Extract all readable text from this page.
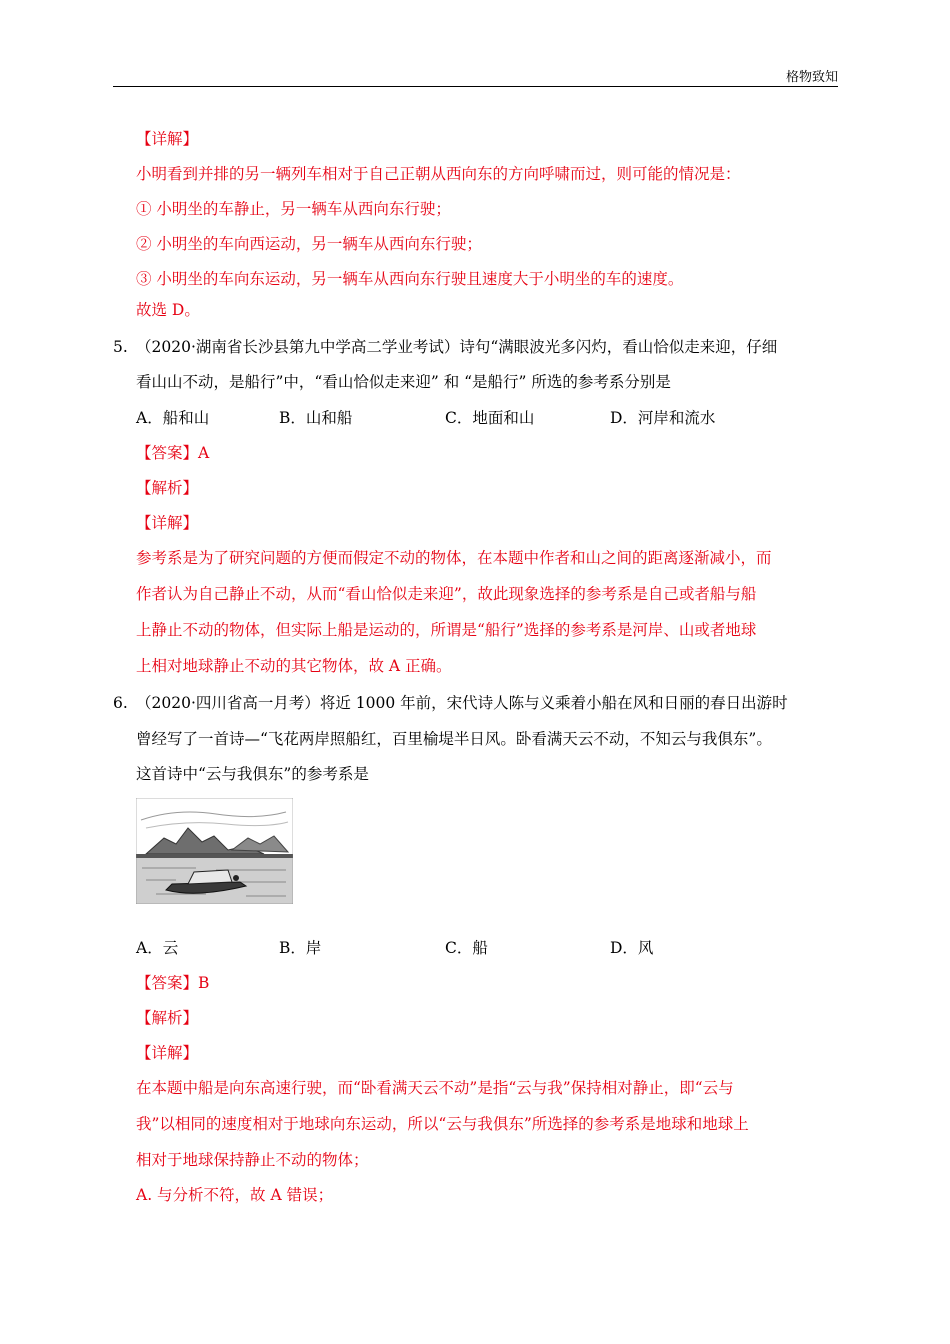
格物致知
【详解】
小明看到并排的另一辆列车相对于自己正朝从西向东的方向呼啸而过，则可能的情况是：
① 小明坐的车静止，另一辆车从西向东行驶；
② 小明坐的车向西运动，另一辆车从西向东行驶；
③ 小明坐的车向东运动，另一辆车从西向东行驶且速度大于小明坐的车的速度。
故选 D。
5. （2020·湖南省长沙县第九中学高二学业考试）诗句“满眼波光多闪灼，看山恰似走来迎，仔细
看山山不动，是船行”中，“看山恰似走来迎” 和 “是船行” 所选的参考系分别是
A．船和山	B．山和船	C．地面和山	D．河岸和流水
【答案】A
【解析】
【详解】
参考系是为了研究问题的方便而假定不动的物体，在本题中作者和山之间的距离逐渐减小，而
作者认为自己静止不动，从而“看山恰似走来迎”，故此现象选择的参考系是自己或者船与船
上静止不动的物体，但实际上船是运动的，所谓是“船行”选择的参考系是河岸、山或者地球
上相对地球静止不动的其它物体，故 A 正确。
6. （2020·四川省高一月考）将近 1000 年前，宋代诗人陈与义乘着小船在风和日丽的春日出游时
曾经写了一首诗—“飞花两岸照船红，百里榆堤半日风。卧看满天云不动，不知云与我俱东”。
这首诗中“云与我俱东”的参考系是
A．云	B．岸	C．船	D．风
【答案】B
【解析】
【详解】
在本题中船是向东高速行驶，而“卧看满天云不动”是指“云与我”保持相对静止，即“云与
我”以相同的速度相对于地球向东运动，所以“云与我俱东”所选择的参考系是地球和地球上
相对于地球保持静止不动的物体；
A. 与分析不符，故 A 错误；
